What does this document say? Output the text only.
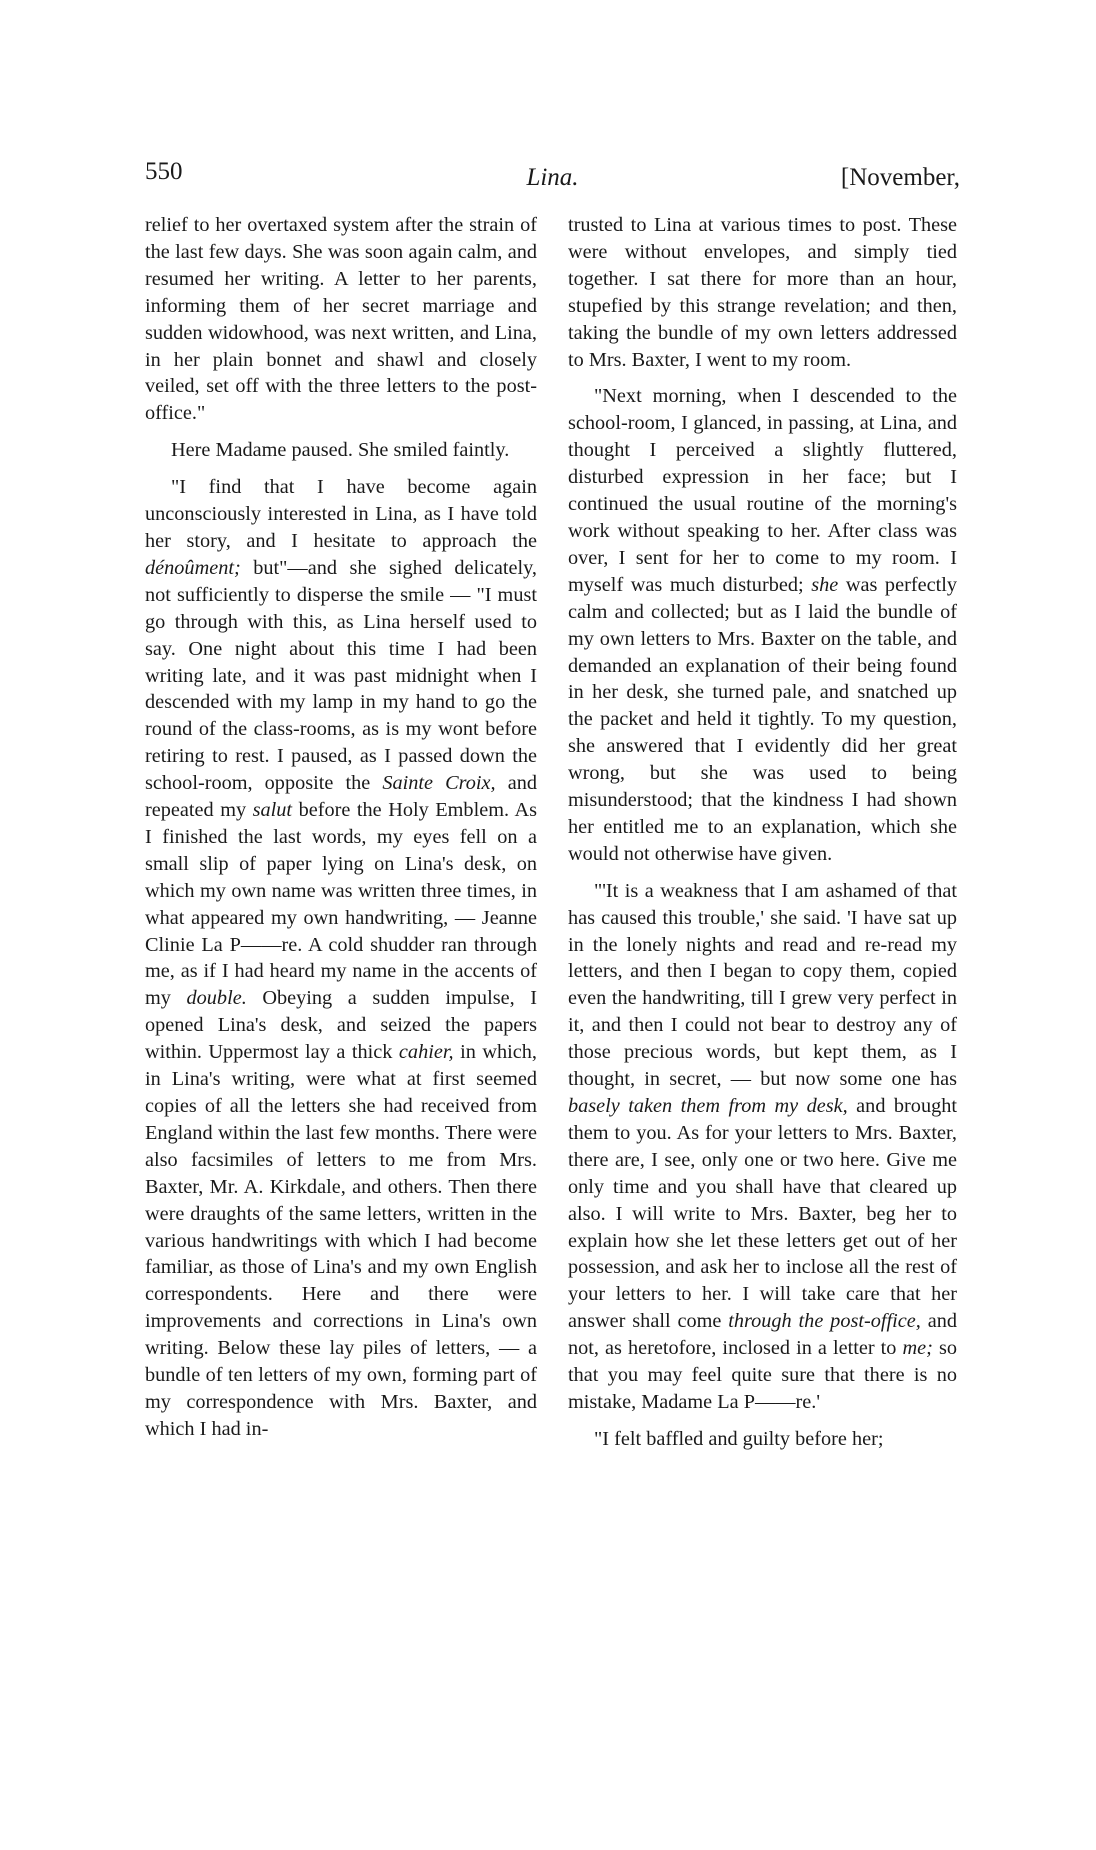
550	Lina.	[November,

relief to her overtaxed system after the strain of the last few days. She was soon again calm, and resumed her writing. A letter to her parents, informing them of her secret marriage and sudden widowhood, was next written, and Lina, in her plain bonnet and shawl and closely veiled, set off with the three letters to the post-office."

Here Madame paused. She smiled faintly.

"I find that I have become again unconsciously interested in Lina, as I have told her story, and I hesitate to approach the dénoûment; but"—and she sighed delicately, not sufficiently to disperse the smile — "I must go through with this, as Lina herself used to say. One night about this time I had been writing late, and it was past midnight when I descended with my lamp in my hand to go the round of the class-rooms, as is my wont before retiring to rest. I paused, as I passed down the school-room, opposite the Sainte Croix, and repeated my salut before the Holy Emblem. As I finished the last words, my eyes fell on a small slip of paper lying on Lina's desk, on which my own name was written three times, in what appeared my own handwriting, — Jeanne Clinie La P——re. A cold shudder ran through me, as if I had heard my name in the accents of my double. Obeying a sudden impulse, I opened Lina's desk, and seized the papers within. Uppermost lay a thick cahier, in which, in Lina's writing, were what at first seemed copies of all the letters she had received from England within the last few months. There were also facsimiles of letters to me from Mrs. Baxter, Mr. A. Kirkdale, and others. Then there were draughts of the same letters, written in the various handwritings with which I had become familiar, as those of Lina's and my own English correspondents. Here and there were improvements and corrections in Lina's own writing. Below these lay piles of letters, — a bundle of ten letters of my own, forming part of my correspondence with Mrs. Baxter, and which I had in-

trusted to Lina at various times to post. These were without envelopes, and simply tied together. I sat there for more than an hour, stupefied by this strange revelation; and then, taking the bundle of my own letters addressed to Mrs. Baxter, I went to my room.

"Next morning, when I descended to the school-room, I glanced, in passing, at Lina, and thought I perceived a slightly fluttered, disturbed expression in her face; but I continued the usual routine of the morning's work without speaking to her. After class was over, I sent for her to come to my room. I myself was much disturbed; she was perfectly calm and collected; but as I laid the bundle of my own letters to Mrs. Baxter on the table, and demanded an explanation of their being found in her desk, she turned pale, and snatched up the packet and held it tightly. To my question, she answered that I evidently did her great wrong, but she was used to being misunderstood; that the kindness I had shown her entitled me to an explanation, which she would not otherwise have given.

"'It is a weakness that I am ashamed of that has caused this trouble,' she said. 'I have sat up in the lonely nights and read and re-read my letters, and then I began to copy them, copied even the handwriting, till I grew very perfect in it, and then I could not bear to destroy any of those precious words, but kept them, as I thought, in secret, — but now some one has basely taken them from my desk, and brought them to you. As for your letters to Mrs. Baxter, there are, I see, only one or two here. Give me only time and you shall have that cleared up also. I will write to Mrs. Baxter, beg her to explain how she let these letters get out of her possession, and ask her to inclose all the rest of your letters to her. I will take care that her answer shall come through the post-office, and not, as heretofore, inclosed in a letter to me; so that you may feel quite sure that there is no mistake, Madame La P——re.'

"I felt baffled and guilty before her;
